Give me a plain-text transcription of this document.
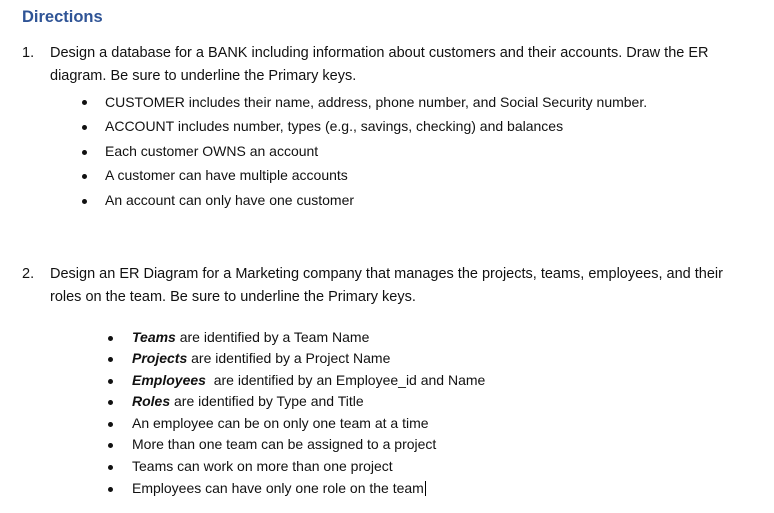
Directions
1. Design a database for a BANK including information about customers and their accounts. Draw the ER diagram. Be sure to underline the Primary keys.
CUSTOMER includes their name, address, phone number, and Social Security number.
ACCOUNT includes number, types (e.g., savings, checking) and balances
Each customer OWNS an account
A customer can have multiple accounts
An account can only have one customer
2. Design an ER Diagram for a Marketing company that manages the projects, teams, employees, and their roles on the team. Be sure to underline the Primary keys.
Teams are identified by a Team Name
Projects are identified by a Project Name
Employees  are identified by an Employee_id and Name
Roles are identified by Type and Title
An employee can be on only one team at a time
More than one team can be assigned to a project
Teams can work on more than one project
Employees can have only one role on the team
